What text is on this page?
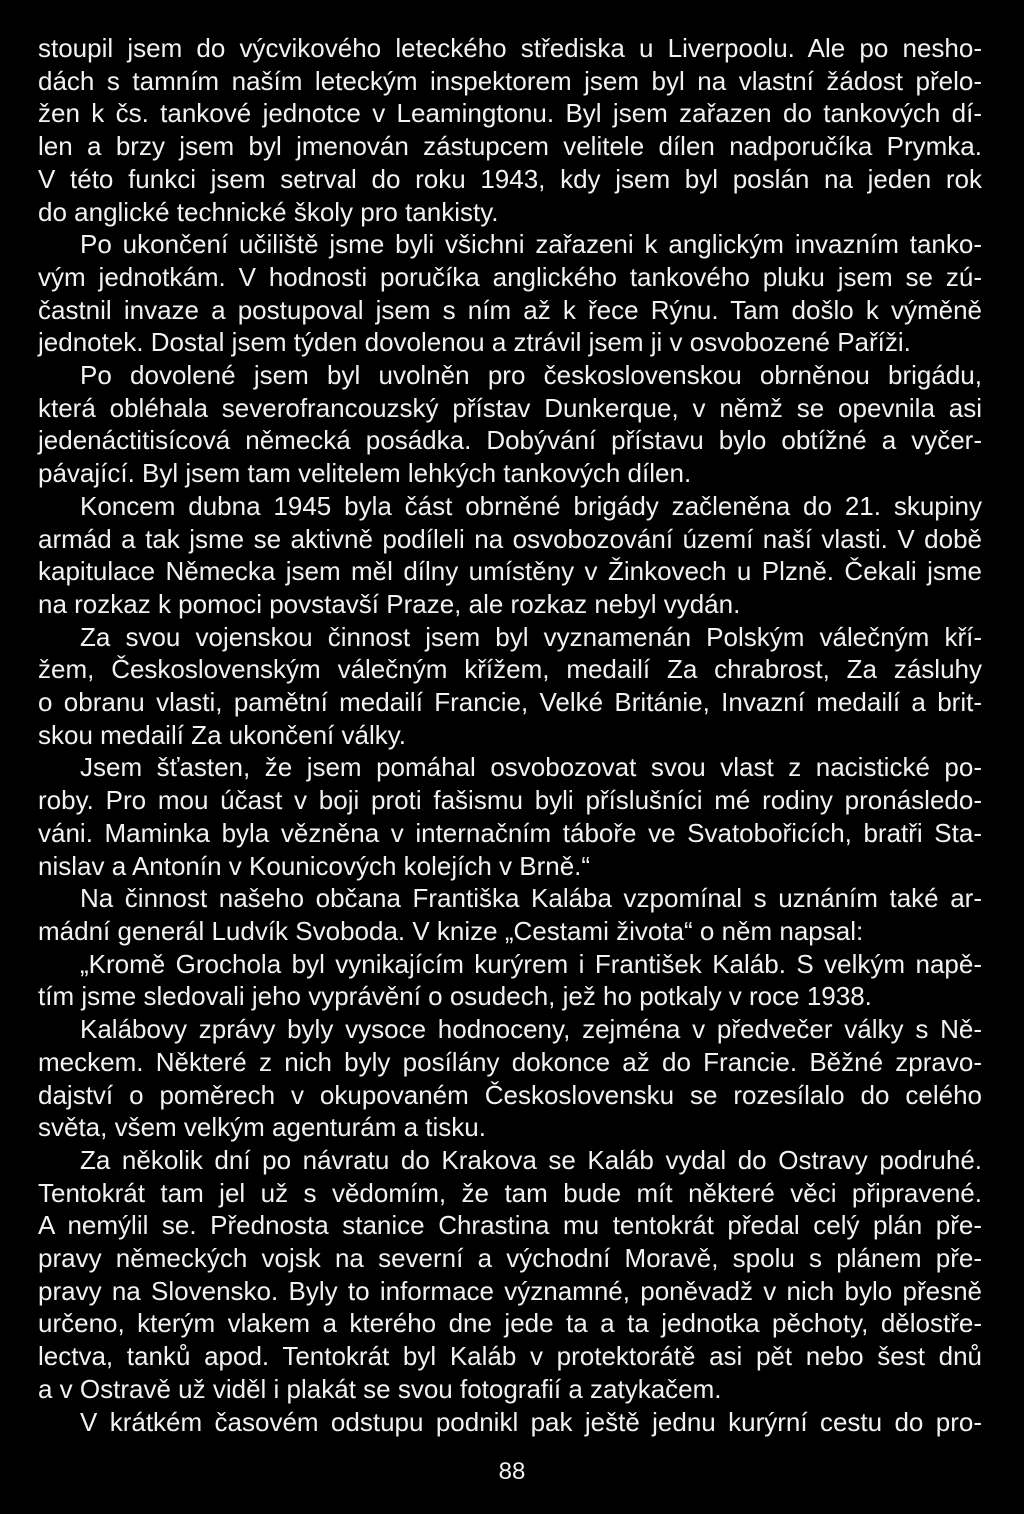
stoupil jsem do výcvikového leteckého střediska u Liverpoolu. Ale po nesho-
dách s tamním naším leteckým inspektorem jsem byl na vlastní žádost přelo-
žen k čs. tankové jednotce v Leamingtonu. Byl jsem zařazen do tankových dí-
len a brzy jsem byl jmenován zástupcem velitele dílen nadporučíka Prymka.
V této funkci jsem setrval do roku 1943, kdy jsem byl poslán na jeden rok
do anglické technické školy pro tankisty.
Po ukončení učiliště jsme byli všichni zařazeni k anglickým invazním tanko-
vým jednotkám. V hodnosti poručíka anglického tankového pluku jsem se zú-
častnil invaze a postupoval jsem s ním až k řece Rýnu. Tam došlo k výměně
jednotek. Dostal jsem týden dovolenou a ztrávil jsem ji v osvobozené Paříži.
Po dovolené jsem byl uvolněn pro československou obrněnou brigádu,
která obléhala severofrancouzský přístav Dunkerque, v němž se opevnila asi
jedenáctitisícová německá posádka. Dobývání přístavu bylo obtížné a vyčer-
pávající. Byl jsem tam velitelem lehkých tankových dílen.
Koncem dubna 1945 byla část obrněné brigády začleněna do 21. skupiny
armád a tak jsme se aktivně podíleli na osvobozování území naší vlasti. V době
kapitulace Německa jsem měl dílny umístěny v Žinkovech u Plzně. Čekali jsme
na rozkaz k pomoci povstavší Praze, ale rozkaz nebyl vydán.
Za svou vojenskou činnost jsem byl vyznamenán Polským válečným kří-
žem, Československým válečným křížem, medailí Za chrabrost, Za zásluhy
o obranu vlasti, pamětní medailí Francie, Velké Británie, Invazní medailí a brit-
skou medailí Za ukončení války.
Jsem šťasten, že jsem pomáhal osvobozovat svou vlast z nacistické po-
roby. Pro mou účast v boji proti fašismu byli příslušníci mé rodiny pronásledo-
váni. Maminka byla vězněna v internačním táboře ve Svatobořicích, bratři Sta-
nislav a Antonín v Kounicových kolejích v Brně.“
Na činnost našeho občana Františka Kalába vzpomínal s uznáním také ar-
mádní generál Ludvík Svoboda. V knize „Cestami života“ o něm napsal:
„Kromě Grochola byl vynikajícím kurýrem i František Kaláb. S velkým napě-
tím jsme sledovali jeho vyprávění o osudech, jež ho potkaly v roce 1938.
Kalábovy zprávy byly vysoce hodnoceny, zejména v předvečer války s Ně-
meckem. Některé z nich byly posílány dokonce až do Francie. Běžné zpravo-
dajství o poměrech v okupovaném Československu se rozesílalo do celého
světa, všem velkým agenturám a tisku.
Za několik dní po návratu do Krakova se Kaláb vydal do Ostravy podruhé.
Tentokrát tam jel už s vědomím, že tam bude mít některé věci připravené.
A nemýlil se. Přednosta stanice Chrastina mu tentokrát předal celý plán pře-
pravy německých vojsk na severní a východní Moravě, spolu s plánem pře-
pravy na Slovensko. Byly to informace významné, poněvadž v nich bylo přesně
určeno, kterým vlakem a kterého dne jede ta a ta jednotka pěchoty, dělostře-
lectva, tanků apod. Tentokrát byl Kaláb v protektorátě asi pět nebo šest dnů
a v Ostravě už viděl i plakát se svou fotografií a zatykačem.
V krátkém časovém odstupu podnikl pak ještě jednu kurýrní cestu do pro-
88
